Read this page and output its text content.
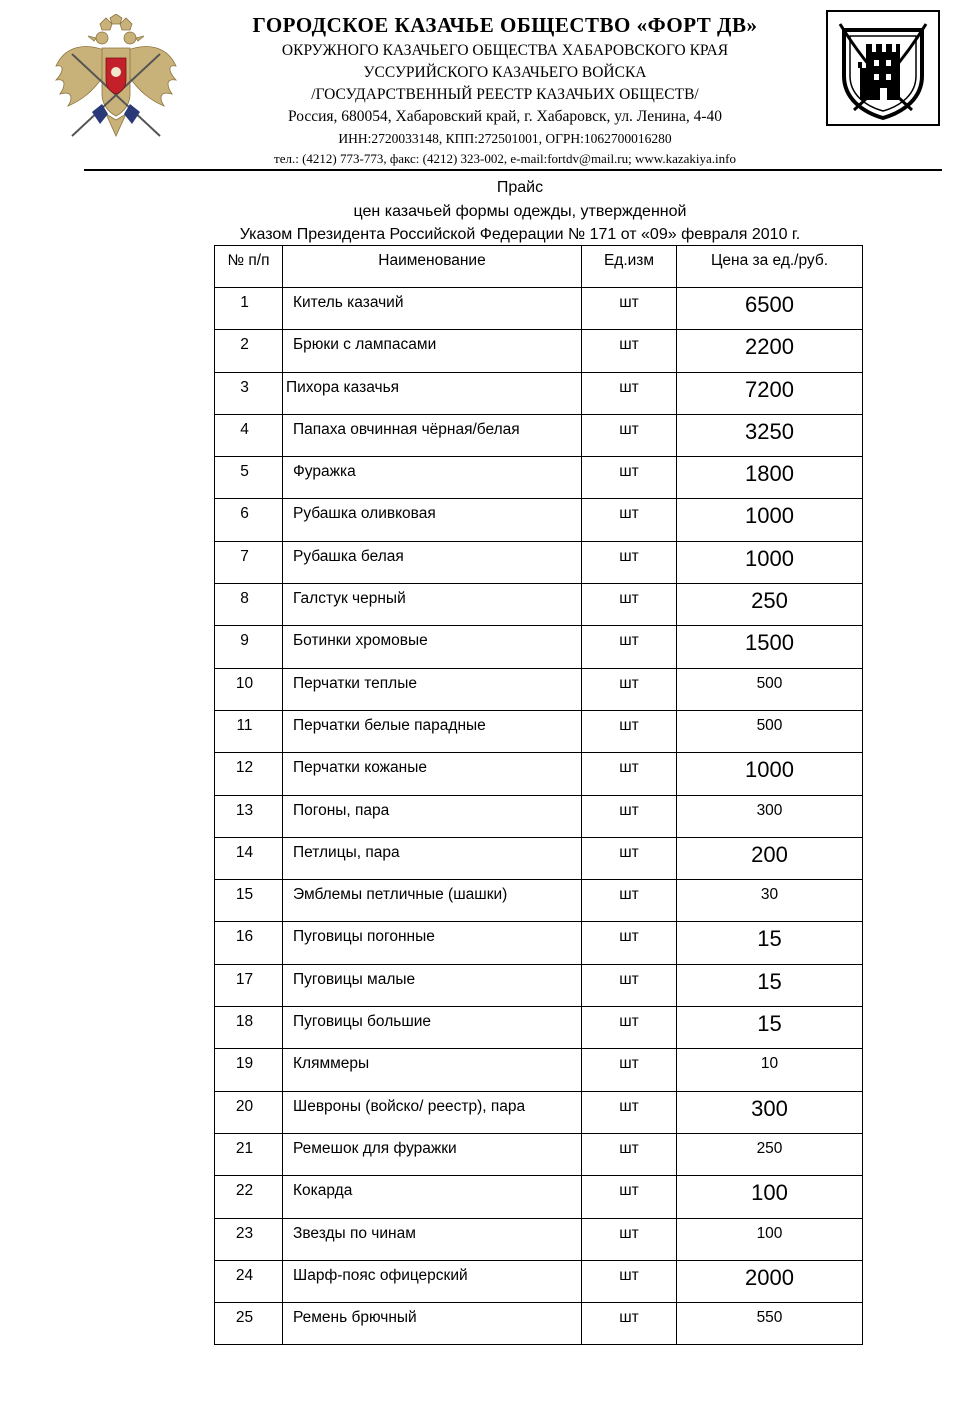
ГОРОДСКОЕ КАЗАЧЬЕ ОБЩЕСТВО «ФОРТ ДВ»
ОКРУЖНОГО КАЗАЧЬЕГО ОБЩЕСТВА ХАБАРОВСКОГО КРАЯ
УССУРИЙСКОГО КАЗАЧЬЕГО ВОЙСКА
/ГОСУДАРСТВЕННЫЙ РЕЕСТР КАЗАЧЬИХ ОБЩЕСТВ/
Россия, 680054, Хабаровский край, г. Хабаровск, ул. Ленина, 4-40
ИНН:2720033148, КПП:272501001, ОГРН:1062700016280
тел.: (4212) 773-773, факс: (4212) 323-002, e-mail:fortdv@mail.ru; www.kazakiya.info
Прайс
цен казачьей формы одежды, утвержденной
Указом Президента Российской Федерации № 171 от «09» февраля 2010 г.
№ п/п	Наименование	Ед.изм	Цена за ед./руб.
1	Китель казачий	шт	6500
2	Брюки с лампасами	шт	2200
3	Пихора казачья	шт	7200
4	Папаха овчинная чёрная/белая	шт	3250
5	Фуражка	шт	1800
6	Рубашка оливковая	шт	1000
7	Рубашка белая	шт	1000
8	Галстук черный	шт	250
9	Ботинки хромовые	шт	1500
10	Перчатки теплые	шт	500
11	Перчатки белые парадные	шт	500
12	Перчатки кожаные	шт	1000
13	Погоны, пара	шт	300
14	Петлицы, пара	шт	200
15	Эмблемы петличные (шашки)	шт	30
16	Пуговицы погонные	шт	15
17	Пуговицы малые	шт	15
18	Пуговицы большие	шт	15
19	Кляммеры	шт	10
20	Шевроны (войско/ реестр), пара	шт	300
21	Ремешок для фуражки	шт	250
22	Кокарда	шт	100
23	Звезды по чинам	шт	100
24	Шарф-пояс офицерский	шт	2000
25	Ремень брючный	шт	550
